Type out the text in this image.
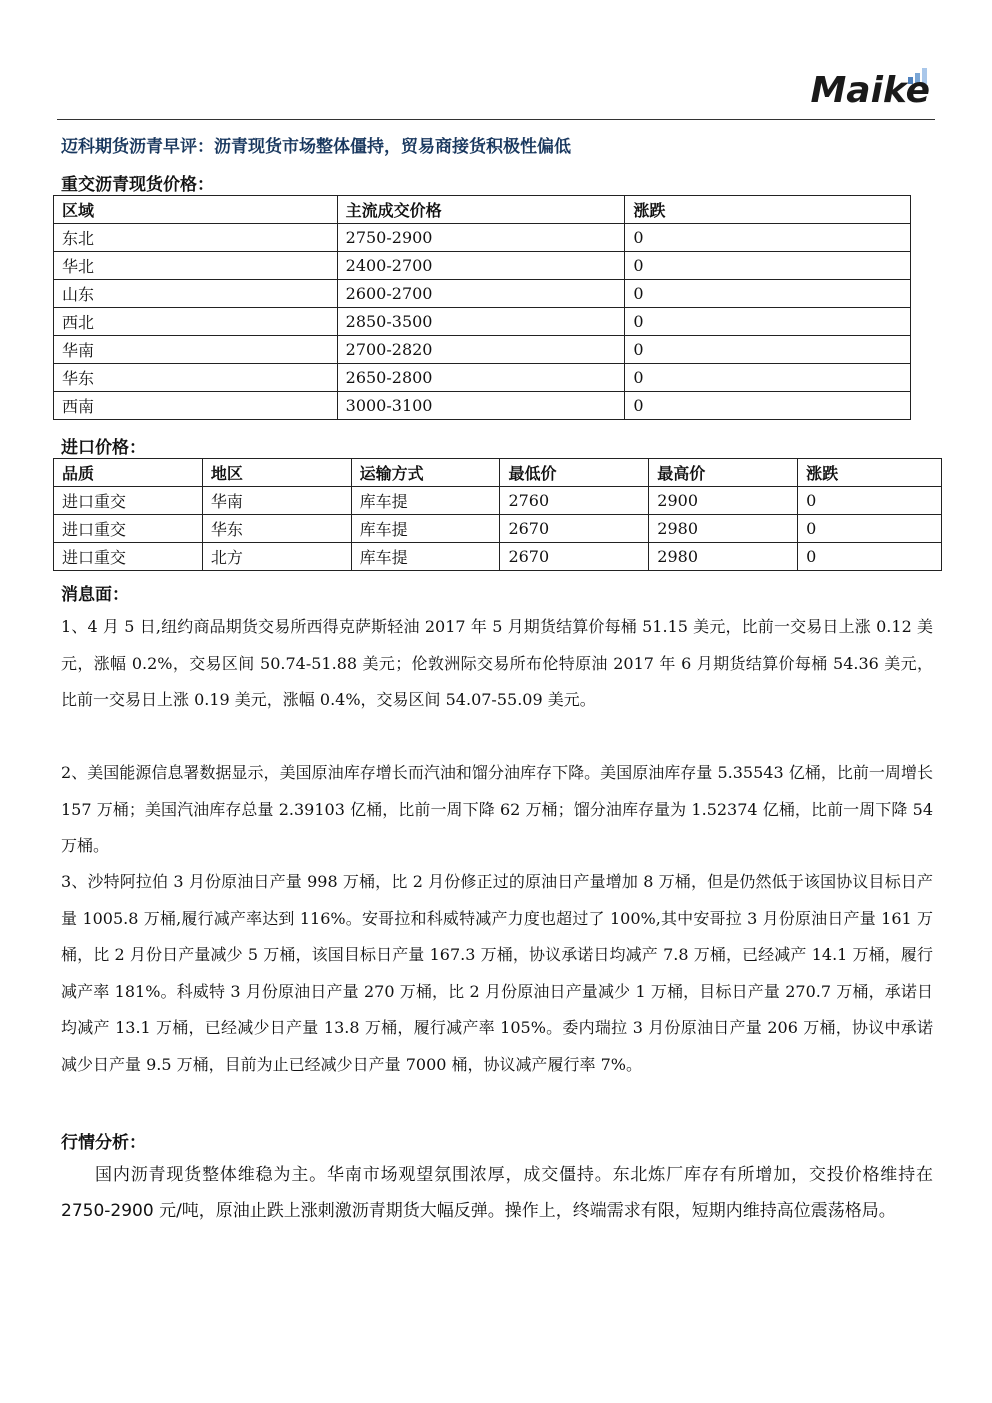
Maike
迈科期货沥青早评：沥青现货市场整体僵持，贸易商接货积极性偏低
重交沥青现货价格：
区域	主流成交价格	涨跌
东北	2750-2900	0
华北	2400-2700	0
山东	2600-2700	0
西北	2850-3500	0
华南	2700-2820	0
华东	2650-2800	0
西南	3000-3100	0
进口价格：
品质	地区	运输方式	最低价	最高价	涨跌
进口重交	华南	库车提	2760	2900	0
进口重交	华东	库车提	2670	2980	0
进口重交	北方	库车提	2670	2980	0
消息面：
1、4 月 5 日,纽约商品期货交易所西得克萨斯轻油 2017 年 5 月期货结算价每桶 51.15 美元，比前一交易日上涨 0.12 美元，涨幅 0.2%，交易区间 50.74-51.88 美元；伦敦洲际交易所布伦特原油 2017 年 6 月期货结算价每桶 54.36 美元，比前一交易日上涨 0.19 美元，涨幅 0.4%，交易区间 54.07-55.09 美元。
2、美国能源信息署数据显示，美国原油库存增长而汽油和馏分油库存下降。美国原油库存量 5.35543 亿桶，比前一周增长 157 万桶；美国汽油库存总量 2.39103 亿桶，比前一周下降 62 万桶；馏分油库存量为 1.52374 亿桶，比前一周下降 54 万桶。
3、沙特阿拉伯 3 月份原油日产量 998 万桶，比 2 月份修正过的原油日产量增加 8 万桶，但是仍然低于该国协议目标日产量 1005.8 万桶,履行减产率达到 116%。安哥拉和科威特减产力度也超过了 100%,其中安哥拉 3 月份原油日产量 161 万桶，比 2 月份日产量减少 5 万桶，该国目标日产量 167.3 万桶，协议承诺日均减产 7.8 万桶，已经减产 14.1 万桶，履行减产率 181%。科威特 3 月份原油日产量 270 万桶，比 2 月份原油日产量减少 1 万桶，目标日产量 270.7 万桶，承诺日均减产 13.1 万桶，已经减少日产量 13.8 万桶，履行减产率 105%。委内瑞拉 3 月份原油日产量 206 万桶，协议中承诺减少日产量 9.5 万桶，目前为止已经减少日产量 7000 桶，协议减产履行率 7%。
行情分析：
国内沥青现货整体维稳为主。华南市场观望氛围浓厚，成交僵持。东北炼厂库存有所增加，交投价格维持在 2750-2900 元/吨，原油止跌上涨刺激沥青期货大幅反弹。操作上，终端需求有限，短期内维持高位震荡格局。
